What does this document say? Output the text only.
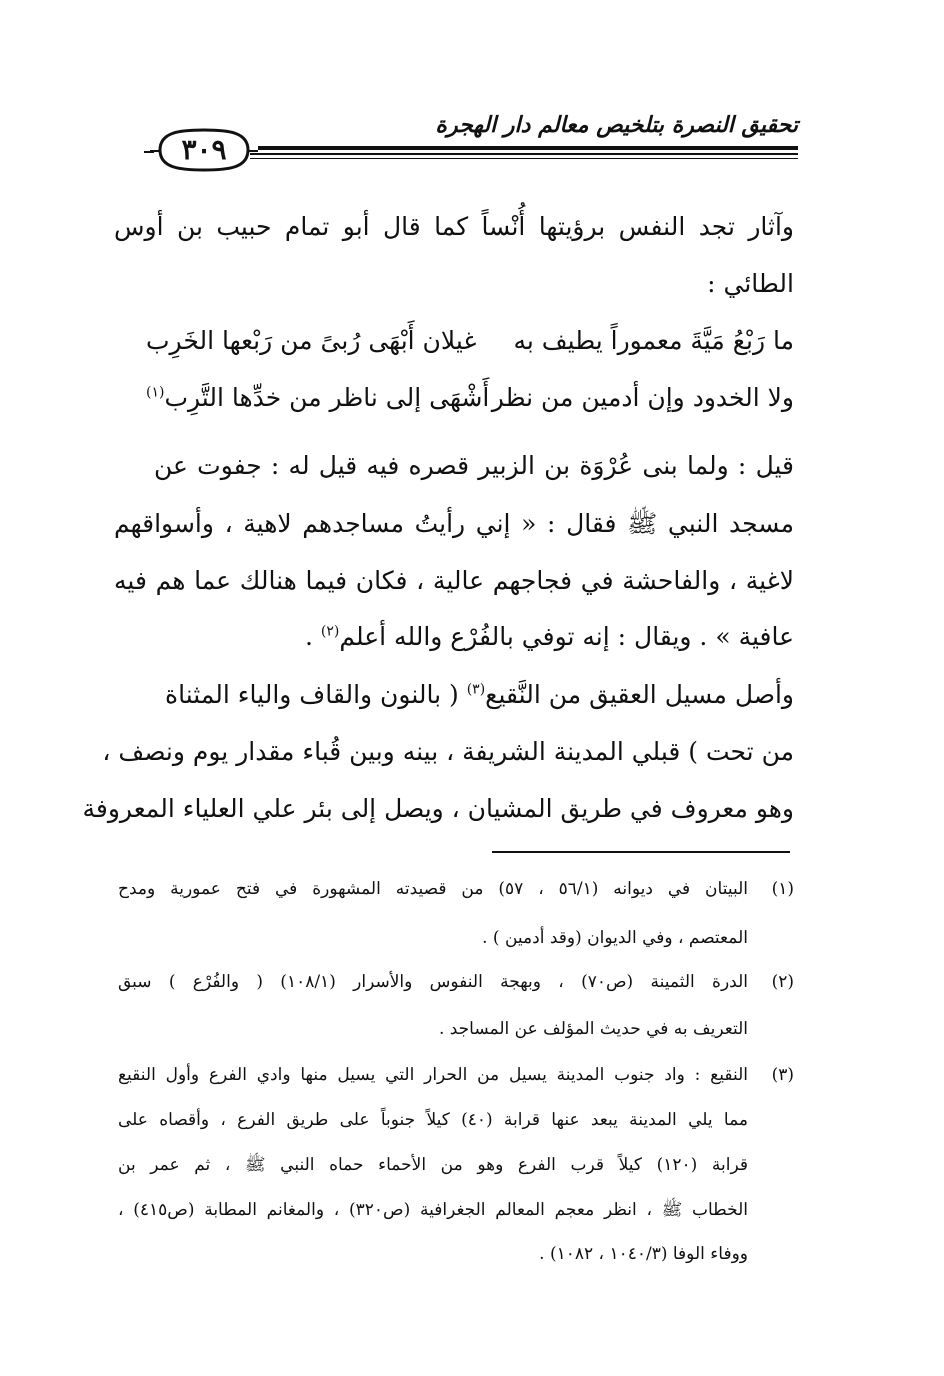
تحقيق النصرة بتلخيص معالم دار الهجرة
٣٠٩
وآثار تجد النفس برؤيتها أُنْساً كما قال أبو تمام حبيب بن أوس
الطائي :
ما رَبْعُ مَيَّةَ معموراً يطيف به
غيلان أَبْهَى رُبىً من رَبْعها الخَرِب
ولا الخدود وإن أدمين من نظر
أَشْهَى إلى ناظر من خدِّها التَّرِب$^{(١)}$
قيل : ولما بنى عُرْوَة بن الزبير قصره فيه قيل له : جفوت عن
مسجد النبي ﷺ فقال : « إني رأيتُ مساجدهم لاهية ، وأسواقهم
لاغية ، والفاحشة في فجاجهم عالية ، فكان فيما هنالك عما هم فيه
عافية » . ويقال : إنه توفي بالفُرْع والله أعلم$^{(٢)}$ .
وأصل مسيل العقيق من النَّقيع$^{(٣)}$ ( بالنون والقاف والياء المثناة
من تحت ) قبلي المدينة الشريفة ، بينه وبين قُباء مقدار يوم ونصف ،
وهو معروف في طريق المشيان ، ويصل إلى بئر علي العلياء المعروفة
(١)
البيتان في ديوانه (٥٦/١ ، ٥٧) من قصيدته المشهورة في فتح عمورية ومدح
المعتصم ، وفي الديوان (وقد أدمين ) .
(٢)
الدرة الثمينة (ص٧٠) ، وبهجة النفوس والأسرار (١٠٨/١) ( والفُرْع ) سبق
التعريف به في حديث المؤلف عن المساجد .
(٣)
النقيع : واد جنوب المدينة يسيل من الحرار التي يسيل منها وادي الفرع وأول النقيع
مما يلي المدينة يبعد عنها قرابة (٤٠) كيلاً جنوباً على طريق الفرع ، وأقصاه على
قرابة (١٢٠) كيلاً قرب الفرع وهو من الأحماء حماه النبي ﷺ ، ثم عمر بن
الخطاب ﷺ ، انظر معجم المعالم الجغرافية (ص٣٢٠) ، والمغانم المطابة (ص٤١٥) ،
ووفاء الوفا (١٠٤٠/٣ ، ١٠٨٢) .
